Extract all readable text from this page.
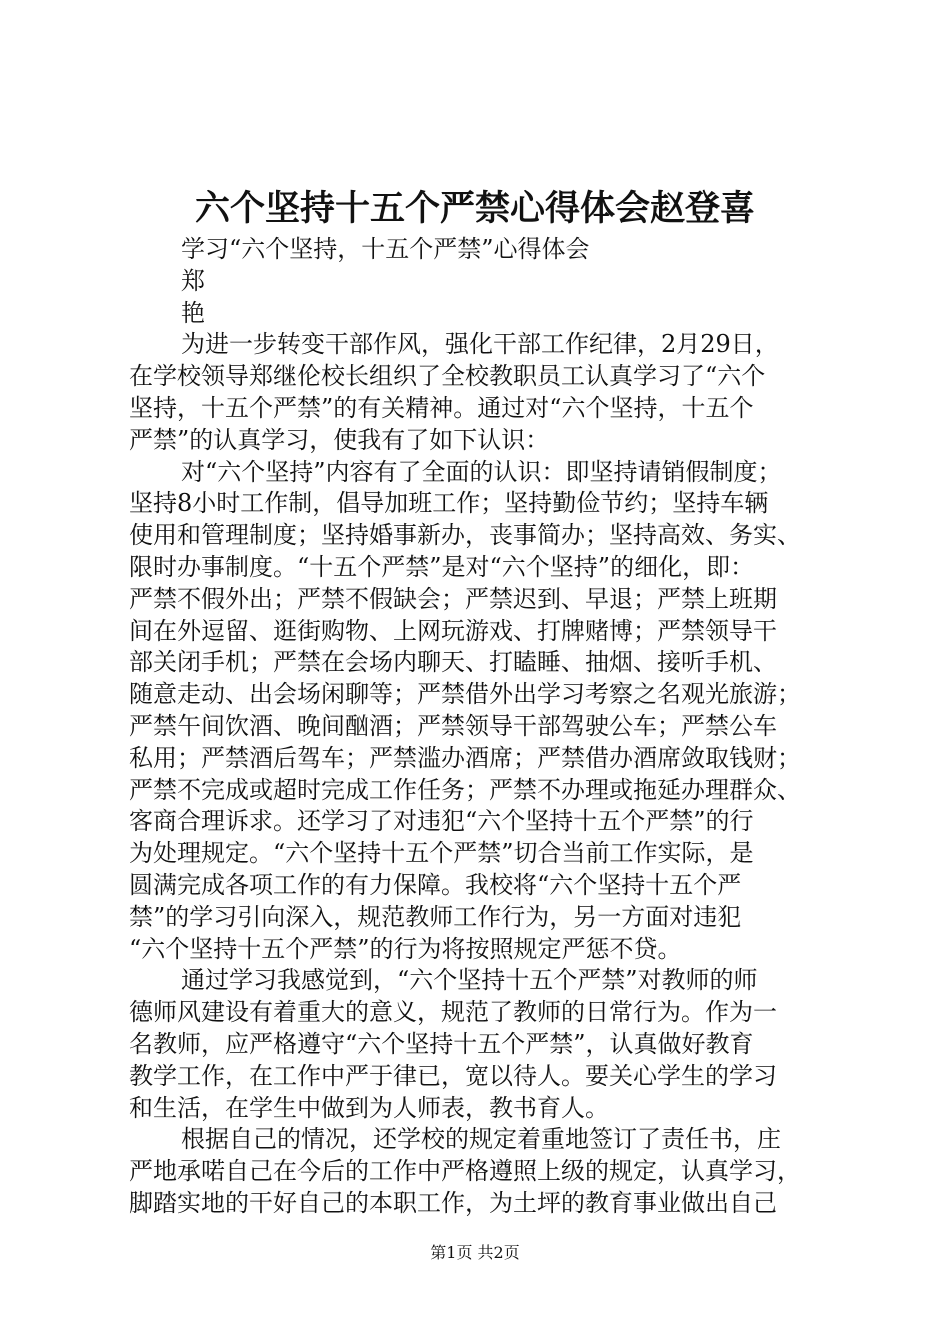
六个坚持十五个严禁心得体会赵登喜
学习“六个坚持，十五个严禁”心得体会
郑
艳
为进一步转变干部作风，强化干部工作纪律，2月29日，
在学校领导郑继伦校长组织了全校教职员工认真学习了“六个
坚持，十五个严禁”的有关精神。通过对“六个坚持，十五个
严禁”的认真学习，使我有了如下认识：
对“六个坚持”内容有了全面的认识：即坚持请销假制度；
坚持8小时工作制，倡导加班工作；坚持勤俭节约；坚持车辆
使用和管理制度；坚持婚事新办，丧事简办；坚持高效、务实、
限时办事制度。“十五个严禁”是对“六个坚持”的细化，即：
严禁不假外出；严禁不假缺会；严禁迟到、早退；严禁上班期
间在外逗留、逛街购物、上网玩游戏、打牌赌博；严禁领导干
部关闭手机；严禁在会场内聊天、打瞌睡、抽烟、接听手机、
随意走动、出会场闲聊等；严禁借外出学习考察之名观光旅游；
严禁午间饮酒、晚间酗酒；严禁领导干部驾驶公车；严禁公车
私用；严禁酒后驾车；严禁滥办酒席；严禁借办酒席敛取钱财；
严禁不完成或超时完成工作任务；严禁不办理或拖延办理群众、
客商合理诉求。还学习了对违犯“六个坚持十五个严禁”的行
为处理规定。“六个坚持十五个严禁”切合当前工作实际，是
圆满完成各项工作的有力保障。我校将“六个坚持十五个严
禁”的学习引向深入，规范教师工作行为，另一方面对违犯
“六个坚持十五个严禁”的行为将按照规定严惩不贷。
通过学习我感觉到，“六个坚持十五个严禁”对教师的师
德师风建设有着重大的意义，规范了教师的日常行为。作为一
名教师，应严格遵守“六个坚持十五个严禁”，认真做好教育
教学工作，在工作中严于律已，宽以待人。要关心学生的学习
和生活，在学生中做到为人师表，教书育人。
根据自己的情况，还学校的规定着重地签订了责任书，庄
严地承喏自己在今后的工作中严格遵照上级的规定，认真学习，
脚踏实地的干好自己的本职工作，为土坪的教育事业做出自己
第1页 共2页
